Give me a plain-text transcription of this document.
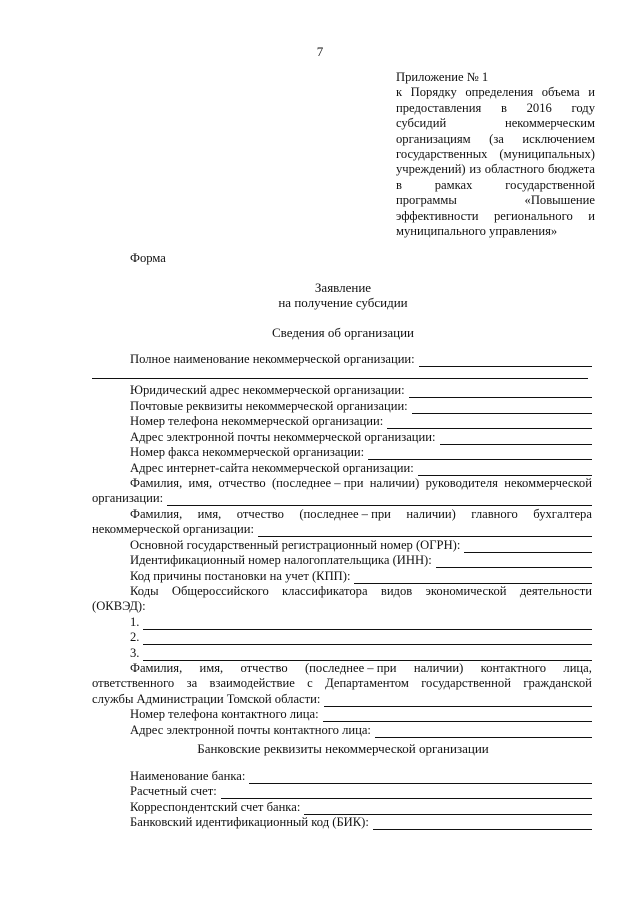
7
Приложение № 1
к Порядку определения объема и предоставления в 2016 году субсидий некоммерческим организациям (за исключением государственных (муниципальных) учреждений) из областного бюджета в рамках государственной программы «Повышение эффективности регионального и муниципального управления»
Форма
Заявление
на получение субсидии
Сведения об организации
Полное наименование некоммерческой организации:
Юридический адрес некоммерческой организации:
Почтовые реквизиты некоммерческой организации:
Номер телефона некоммерческой организации:
Адрес электронной почты некоммерческой организации:
Номер факса некоммерческой организации:
Адрес интернет-сайта некоммерческой организации:
Фамилия, имя, отчество (последнее – при наличии) руководителя некоммерческой
организации:
Фамилия, имя, отчество (последнее – при наличии) главного бухгалтера
некоммерческой организации:
Основной государственный регистрационный номер (ОГРН):
Идентификационный номер налогоплательщика (ИНН):
Код причины постановки на учет (КПП):
Коды Общероссийского классификатора видов экономической деятельности
(ОКВЭД):
1.
2.
3.
Фамилия, имя, отчество (последнее – при наличии) контактного лица,
ответственного за взаимодействие с Департаментом государственной гражданской
службы Администрации Томской области:
Номер телефона контактного лица:
Адрес электронной почты контактного лица:
Банковские реквизиты некоммерческой организации
Наименование банка:
Расчетный счет:
Корреспондентский счет банка:
Банковский идентификационный код (БИК):
